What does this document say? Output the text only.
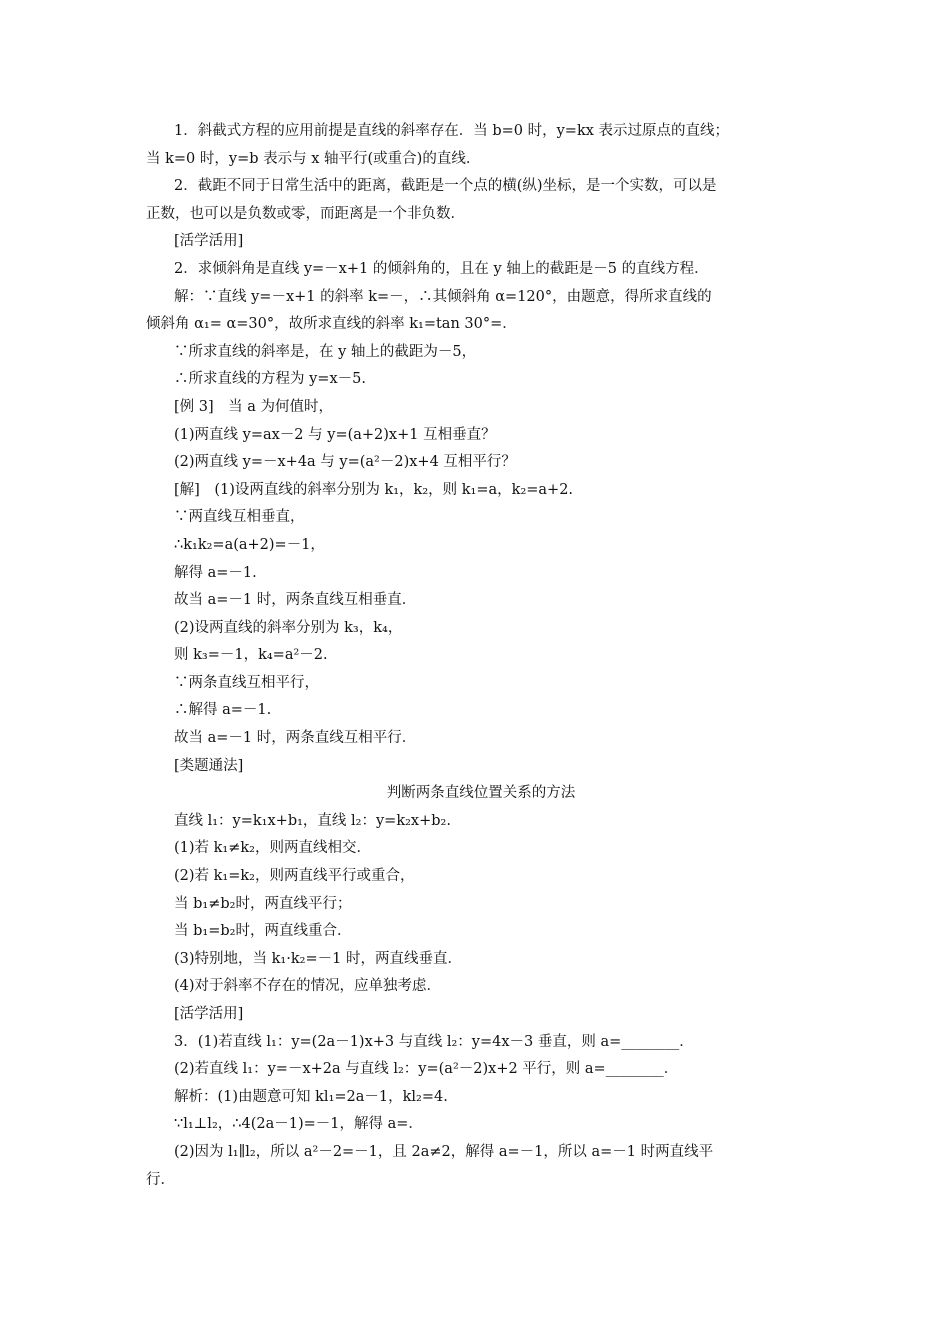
1．斜截式方程的应用前提是直线的斜率存在．当 b=0 时，y=kx 表示过原点的直线；
当 k=0 时，y=b 表示与 x 轴平行(或重合)的直线．
2．截距不同于日常生活中的距离，截距是一个点的横(纵)坐标，是一个实数，可以是
正数，也可以是负数或零，而距离是一个非负数．
[活学活用]
2．求倾斜角是直线 y=－x+1 的倾斜角的，且在 y 轴上的截距是－5 的直线方程．
解：∵直线 y=－x+1 的斜率 k=－，∴其倾斜角 α=120°，由题意，得所求直线的
倾斜角 α₁= α=30°，故所求直线的斜率 k₁=tan 30°=．
∵所求直线的斜率是，在 y 轴上的截距为－5，
∴所求直线的方程为 y=x－5.
[例 3]　当 a 为何值时，
(1)两直线 y=ax－2 与 y=(a+2)x+1 互相垂直？
(2)两直线 y=－x+4a 与 y=(a²－2)x+4 互相平行？
[解]　(1)设两直线的斜率分别为 k₁，k₂，则 k₁=a，k₂=a+2.
∵两直线互相垂直，
∴k₁k₂=a(a+2)=－1，
解得 a=－1.
故当 a=－1 时，两条直线互相垂直．
(2)设两直线的斜率分别为 k₃，k₄，
则 k₃=－1，k₄=a²－2.
∵两条直线互相平行，
∴解得 a=－1.
故当 a=－1 时，两条直线互相平行．
[类题通法]
判断两条直线位置关系的方法
直线 l₁：y=k₁x+b₁，直线 l₂：y=k₂x+b₂.
(1)若 k₁≠k₂，则两直线相交．
(2)若 k₁=k₂，则两直线平行或重合，
当 b₁≠b₂时，两直线平行；
当 b₁=b₂时，两直线重合．
(3)特别地，当 k₁·k₂=－1 时，两直线垂直．
(4)对于斜率不存在的情况，应单独考虑．
[活学活用]
3．(1)若直线 l₁：y=(2a－1)x+3 与直线 l₂：y=4x－3 垂直，则 a=________．
(2)若直线 l₁：y=－x+2a 与直线 l₂：y=(a²－2)x+2 平行，则 a=________．
解析：(1)由题意可知 kl₁=2a－1，kl₂=4.
∵l₁⊥l₂，∴4(2a－1)=－1，解得 a=．
(2)因为 l₁∥l₂，所以 a²－2=－1，且 2a≠2，解得 a=－1，所以 a=－1 时两直线平
行．
